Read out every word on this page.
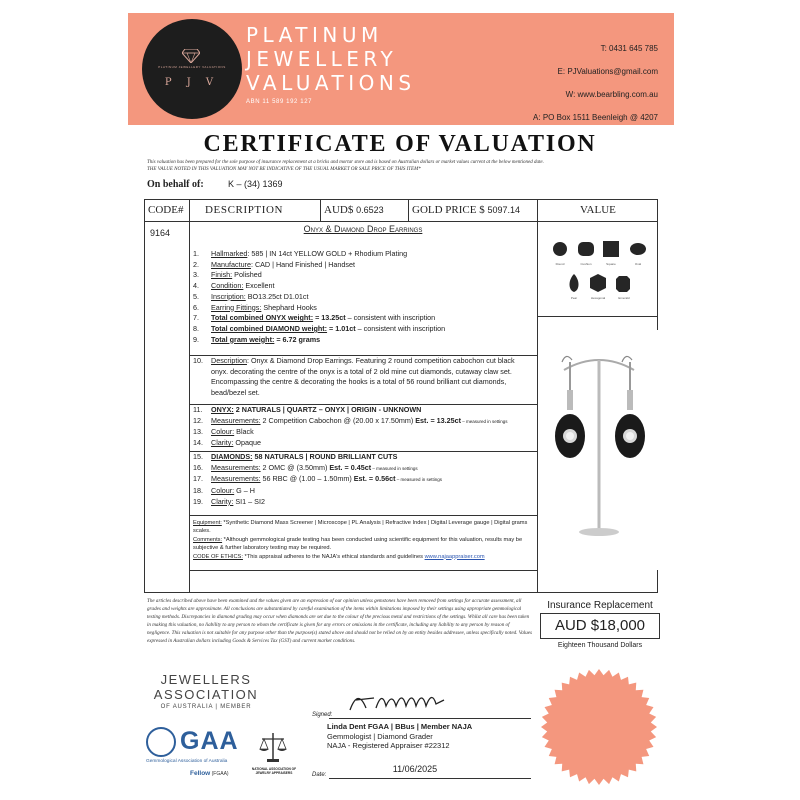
PLATINUM JEWELLERY VALUATIONS
P J V
PLATINUM
JEWELLERY
VALUATIONS
ABN 11 589 192 127
T: 0431 645 785
E: PJValuations@gmail.com
W: www.bearbling.com.au
A: PO Box 1511 Beenleigh @ 4207
CERTIFICATE OF VALUATION
This valuation has been prepared for the sole purpose of insurance replacement at a bricks and mortar store and is based on Australian dollars or market values current at the below mentioned date.
THE VALUE NOTED IN THIS VALUATION MAY NOT BE INDICATIVE OF THE USUAL MARKET OR SALE PRICE OF THIS ITEM*
On behalf of:	K – (34) 1369
CODE# DESCRIPTION	AUD$ 0.6523	GOLD PRICE $ 5097.14	VALUE
9164	Onyx & Diamond Drop Earrings
1. Hallmarked: 585 | IN 14ct YELLOW GOLD + Rhodium Plating
2. Manufacture: CAD | Hand Finished | Handset
3. Finish: Polished
4. Condition: Excellent
5. Inscription: BO13.25ct D1.01ct
6. Earring Fittings: Shephard Hooks
7. Total combined ONYX weight: = 13.25ct – consistent with inscription
8. Total combined DIAMOND weight: = 1.01ct – consistent with inscription
9. Total gram weight: = 6.72 grams
10. Description: Onyx & Diamond Drop Earrings. Featuring 2 round competition cabochon cut black onyx. decorating the centre of the onyx is a total of 2 old mine cut diamonds, cutaway claw set. Encompassing the centre & decorating the hooks is a total of 56 round brilliant cut diamonds, bead/bezel set.
11. ONYX: 2 NATURALS | QUARTZ – ONYX | ORIGIN - UNKNOWN
12. Measurements: 2 Competition Cabochon @ (20.00 x 17.50mm) Est. = 13.25ct – measured in settings
13. Colour: Black
14. Clarity: Opaque
15. DIAMONDS: 58 NATURALS | ROUND BRILLIANT CUTS
16. Measurements: 2 OMC @ (3.50mm) Est. = 0.45ct – measured in settings
17. Measurements: 56 RBC @ (1.00 – 1.50mm) Est. = 0.56ct – measured in settings
18. Colour: G – H
19. Clarity: SI1 – SI2
Equipment: *Synthetic Diamond Mass Screener | Microscope | PL Analysis | Refractive Index | Digital Leverage gauge | Digital grams scales.
Comments: *Although gemmological grade testing has been conducted using scientific equipment for this valuation, results may be subjective & further laboratory testing may be required.
CODE OF ETHICS: *This appraisal adheres to the NAJA's ethical standards and guidelines www.najaappraiser.com
Round	Cushion	Square	Oval
Pear	Hexagonal	Emerald
The articles described above have been examined and the values given are an expression of our opinion unless gemstones have been removed from settings for accurate assessment, all grades and weights are approximate. All conclusions are substantiated by careful examination of the items within limitations imposed by their settings using appropriate gemmological testing methods. Discrepancies in diamond grading may occur when diamonds are set due to the colour of the precious metal and restrictions of the settings. Whilst all care has been taken in making this valuation, no liability to any person to whom the certificate is given for any errors or omissions in the certificate, including any liability to any person by reason of negligence. This valuation is not suitable for any purpose other than the purpose(s) stated above and should not be relied on by an entity besides addressee, unless specifically noted. Values expressed in Australian dollars including Goods & Services Tax (GST) and current market conditions.
Insurance Replacement
AUD $18,000
Eighteen Thousand Dollars
JEWELLERS
ASSOCIATION
OF AUSTRALIA | MEMBER
GAA
Gemmological Association of Australia
Fellow (FGAA)
NATIONAL ASSOCIATION OF JEWELRY APPRAISERS
Signed:
Linda Dent FGAA | BBus | Member NAJA
Gemmologist | Diamond Grader
NAJA - Registered Appraiser #22312
Date:
11/06/2025
